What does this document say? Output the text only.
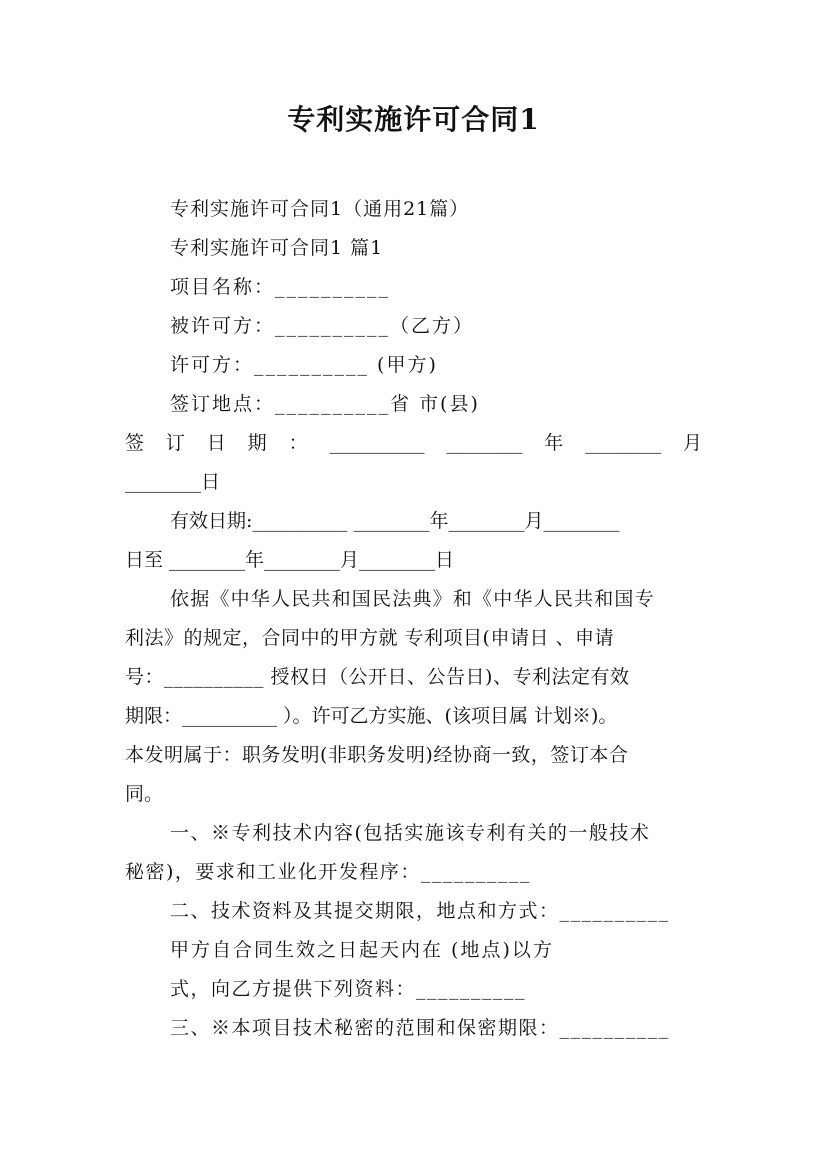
专利实施许可合同1
专利实施许可合同1（通用21篇）
专利实施许可合同1 篇1
项目名称：__________
被许可方：__________（乙方）
许可方：__________ (甲方)
签订地点：__________省 市(县)
签 订 日 期 ： __________ ________ 年 ________ 月
________日
有效日期:__________ ________年________月________
日至 ________年________月________日
依据《中华人民共和国民法典》和《中华人民共和国专
利法》的规定，合同中的甲方就 专利项目(申请日 、申请
号：__________ 授权日（公开日、公告日)、专利法定有效
期限：__________ ）。许可乙方实施、(该项目属 计划※)。
本发明属于：职务发明(非职务发明)经协商一致，签订本合
同。
一、※专利技术内容(包括实施该专利有关的一般技术
秘密)，要求和工业化开发程序：__________
二、技术资料及其提交期限，地点和方式：__________
甲方自合同生效之日起天内在 (地点)以方
式，向乙方提供下列资料：__________
三、※本项目技术秘密的范围和保密期限：__________
